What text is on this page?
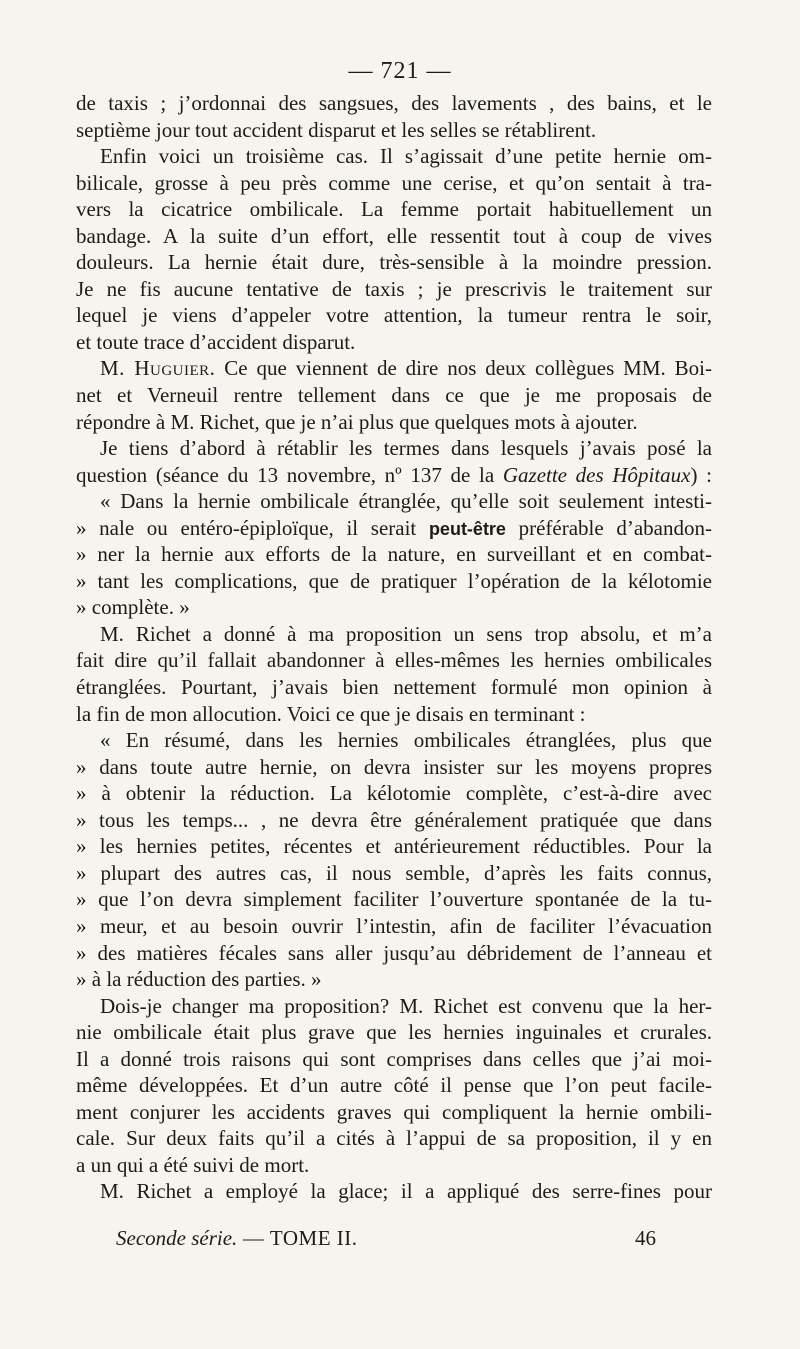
— 721 —
de taxis ; j’ordonnai des sangsues, des lavements , des bains, et le
septième jour tout accident disparut et les selles se rétablirent.
Enfin voici un troisième cas. Il s’agissait d’une petite hernie om-
bilicale, grosse à peu près comme une cerise, et qu’on sentait à tra-
vers la cicatrice ombilicale. La femme portait habituellement un
bandage. A la suite d’un effort, elle ressentit tout à coup de vives
douleurs. La hernie était dure, très-sensible à la moindre pression.
Je ne fis aucune tentative de taxis ; je prescrivis le traitement sur
lequel je viens d’appeler votre attention, la tumeur rentra le soir,
et toute trace d’accident disparut.
M. Huguier. Ce que viennent de dire nos deux collègues MM. Boi-
net et Verneuil rentre tellement dans ce que je me proposais de
répondre à M. Richet, que je n’ai plus que quelques mots à ajouter.
Je tiens d’abord à rétablir les termes dans lesquels j’avais posé la
question (séance du 13 novembre, nº 137 de la Gazette des Hôpitaux) :
« Dans la hernie ombilicale étranglée, qu’elle soit seulement intesti-
» nale ou entéro-épiploïque, il serait peut-être préférable d’abandon-
» ner la hernie aux efforts de la nature, en surveillant et en combat-
» tant les complications, que de pratiquer l’opération de la kélotomie
» complète. »
M. Richet a donné à ma proposition un sens trop absolu, et m’a
fait dire qu’il fallait abandonner à elles-mêmes les hernies ombilicales
étranglées. Pourtant, j’avais bien nettement formulé mon opinion à
la fin de mon allocution. Voici ce que je disais en terminant :
« En résumé, dans les hernies ombilicales étranglées, plus que
» dans toute autre hernie, on devra insister sur les moyens propres
» à obtenir la réduction. La kélotomie complète, c’est-à-dire avec
» tous les temps... , ne devra être généralement pratiquée que dans
» les hernies petites, récentes et antérieurement réductibles. Pour la
» plupart des autres cas, il nous semble, d’après les faits connus,
» que l’on devra simplement faciliter l’ouverture spontanée de la tu-
» meur, et au besoin ouvrir l’intestin, afin de faciliter l’évacuation
» des matières fécales sans aller jusqu’au débridement de l’anneau et
» à la réduction des parties. »
Dois-je changer ma proposition? M. Richet est convenu que la her-
nie ombilicale était plus grave que les hernies inguinales et crurales.
Il a donné trois raisons qui sont comprises dans celles que j’ai moi-
même développées. Et d’un autre côté il pense que l’on peut facile-
ment conjurer les accidents graves qui compliquent la hernie ombili-
cale. Sur deux faits qu’il a cités à l’appui de sa proposition, il y en
a un qui a été suivi de mort.
M. Richet a employé la glace; il a appliqué des serre-fines pour
Seconde série. — TOME II.	46
